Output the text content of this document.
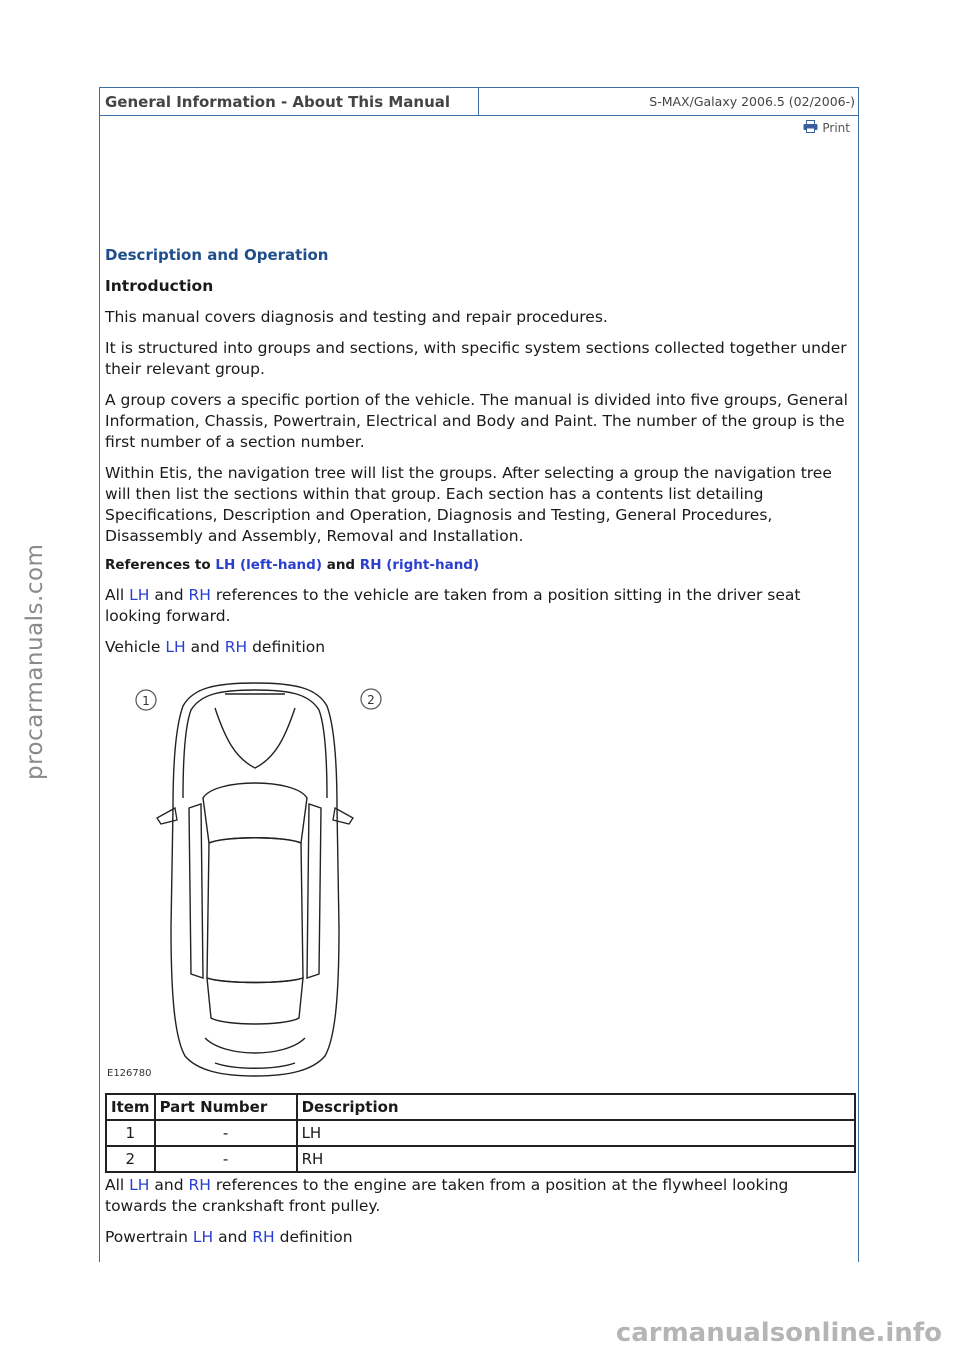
General Information - About This Manual	S-MAX/Galaxy 2006.5 (02/2006-)
Print
Description and Operation
Introduction

This manual covers diagnosis and testing and repair procedures.

It is structured into groups and sections, with specific system sections collected together under their relevant group.

A group covers a specific portion of the vehicle. The manual is divided into five groups, General Information, Chassis, Powertrain, Electrical and Body and Paint. The number of the group is the first number of a section number.

Within Etis, the navigation tree will list the groups. After selecting a group the navigation tree will then list the sections within that group. Each section has a contents list detailing Specifications, Description and Operation, Diagnosis and Testing, General Procedures, Disassembly and Assembly, Removal and Installation.

References to LH (left-hand) and RH (right-hand)

All LH and RH references to the vehicle are taken from a position sitting in the driver seat looking forward.

Vehicle LH and RH definition

1	2
E126780
Item	Part Number	Description
1	-	LH
2	-	RH

All LH and RH references to the engine are taken from a position at the flywheel looking towards the crankshaft front pulley.

Powertrain LH and RH definition

procarmanuals.com
carmanualsonline.info
